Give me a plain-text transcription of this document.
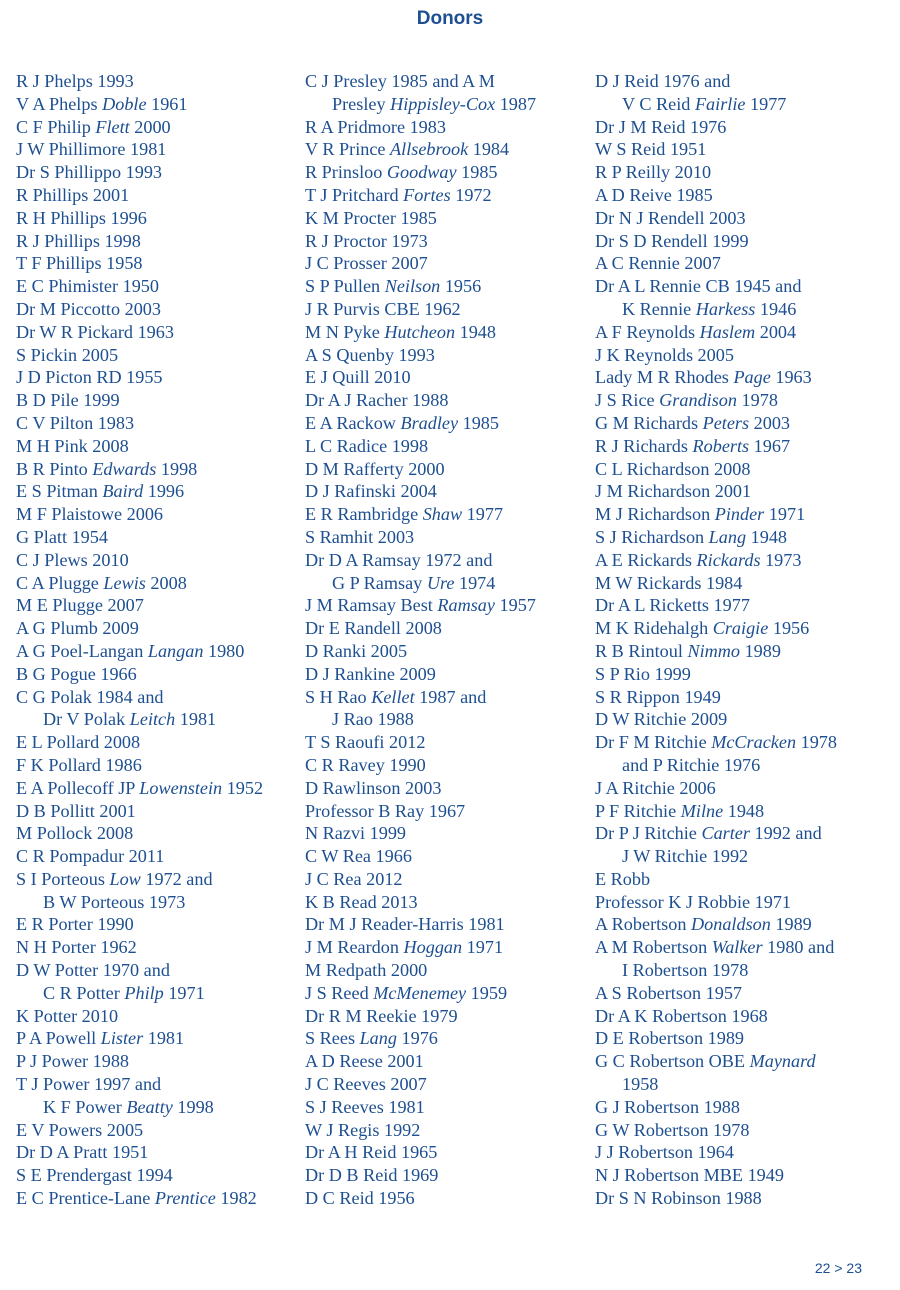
Donors
R J Phelps 1993
V A Phelps Doble 1961
C F Philip Flett 2000
J W Phillimore 1981
Dr S Phillippo 1993
R Phillips 2001
R H Phillips 1996
R J Phillips 1998
T F Phillips 1958
E C Phimister 1950
Dr M Piccotto 2003
Dr W R Pickard 1963
S Pickin 2005
J D Picton RD 1955
B D Pile 1999
C V Pilton 1983
M H Pink 2008
B R Pinto Edwards 1998
E S Pitman Baird 1996
M F Plaistowe 2006
G Platt 1954
C J Plews 2010
C A Plugge Lewis 2008
M E Plugge 2007
A G Plumb 2009
A G Poel-Langan Langan 1980
B G Pogue 1966
C G Polak 1984 and
Dr V Polak Leitch 1981
E L Pollard 2008
F K Pollard 1986
E A Pollecoff JP Lowenstein 1952
D B Pollitt 2001
M Pollock 2008
C R Pompadur 2011
S I Porteous Low 1972 and
B W Porteous 1973
E R Porter 1990
N H Porter 1962
D W Potter 1970 and
C R Potter Philp 1971
K Potter 2010
P A Powell Lister 1981
P J Power 1988
T J Power 1997 and
K F Power Beatty 1998
E V Powers 2005
Dr D A Pratt 1951
S E Prendergast 1994
E C Prentice-Lane Prentice 1982
C J Presley 1985 and A M
Presley Hippisley-Cox 1987
R A Pridmore 1983
V R Prince Allsebrook 1984
R Prinsloo Goodway 1985
T J Pritchard Fortes 1972
K M Procter 1985
R J Proctor 1973
J C Prosser 2007
S P Pullen Neilson 1956
J R Purvis CBE 1962
M N Pyke Hutcheon 1948
A S Quenby 1993
E J Quill 2010
Dr A J Racher 1988
E A Rackow Bradley 1985
L C Radice 1998
D M Rafferty 2000
D J Rafinski 2004
E R Rambridge Shaw 1977
S Ramhit 2003
Dr D A Ramsay 1972 and
G P Ramsay Ure 1974
J M Ramsay Best Ramsay 1957
Dr E Randell 2008
D Ranki 2005
D J Rankine 2009
S H Rao Kellet 1987 and
J Rao 1988
T S Raoufi 2012
C R Ravey 1990
D Rawlinson 2003
Professor B Ray 1967
N Razvi 1999
C W Rea 1966
J C Rea 2012
K B Read 2013
Dr M J Reader-Harris 1981
J M Reardon Hoggan 1971
M Redpath 2000
J S Reed McMenemey 1959
Dr R M Reekie 1979
S Rees Lang 1976
A D Reese 2001
J C Reeves 2007
S J Reeves 1981
W J Regis 1992
Dr A H Reid 1965
Dr D B Reid 1969
D C Reid 1956
D J Reid 1976 and
V C Reid Fairlie 1977
Dr J M Reid 1976
W S Reid 1951
R P Reilly 2010
A D Reive 1985
Dr N J Rendell 2003
Dr S D Rendell 1999
A C Rennie 2007
Dr A L Rennie CB 1945 and
K Rennie Harkess 1946
A F Reynolds Haslem 2004
J K Reynolds 2005
Lady M R Rhodes Page 1963
J S Rice Grandison 1978
G M Richards Peters 2003
R J Richards Roberts 1967
C L Richardson 2008
J M Richardson 2001
M J Richardson Pinder 1971
S J Richardson Lang 1948
A E Rickards Rickards 1973
M W Rickards 1984
Dr A L Ricketts 1977
M K Ridehalgh Craigie 1956
R B Rintoul Nimmo 1989
S P Rio 1999
S R Rippon 1949
D W Ritchie 2009
Dr F M Ritchie McCracken 1978
and P Ritchie 1976
J A Ritchie 2006
P F Ritchie Milne 1948
Dr P J Ritchie Carter 1992 and
J W Ritchie 1992
E Robb
Professor K J Robbie 1971
A Robertson Donaldson 1989
A M Robertson Walker 1980 and
I Robertson 1978
A S Robertson 1957
Dr A K Robertson 1968
D E Robertson 1989
G C Robertson OBE Maynard
1958
G J Robertson 1988
G W Robertson 1978
J J Robertson 1964
N J Robertson MBE 1949
Dr S N Robinson 1988
22 > 23
